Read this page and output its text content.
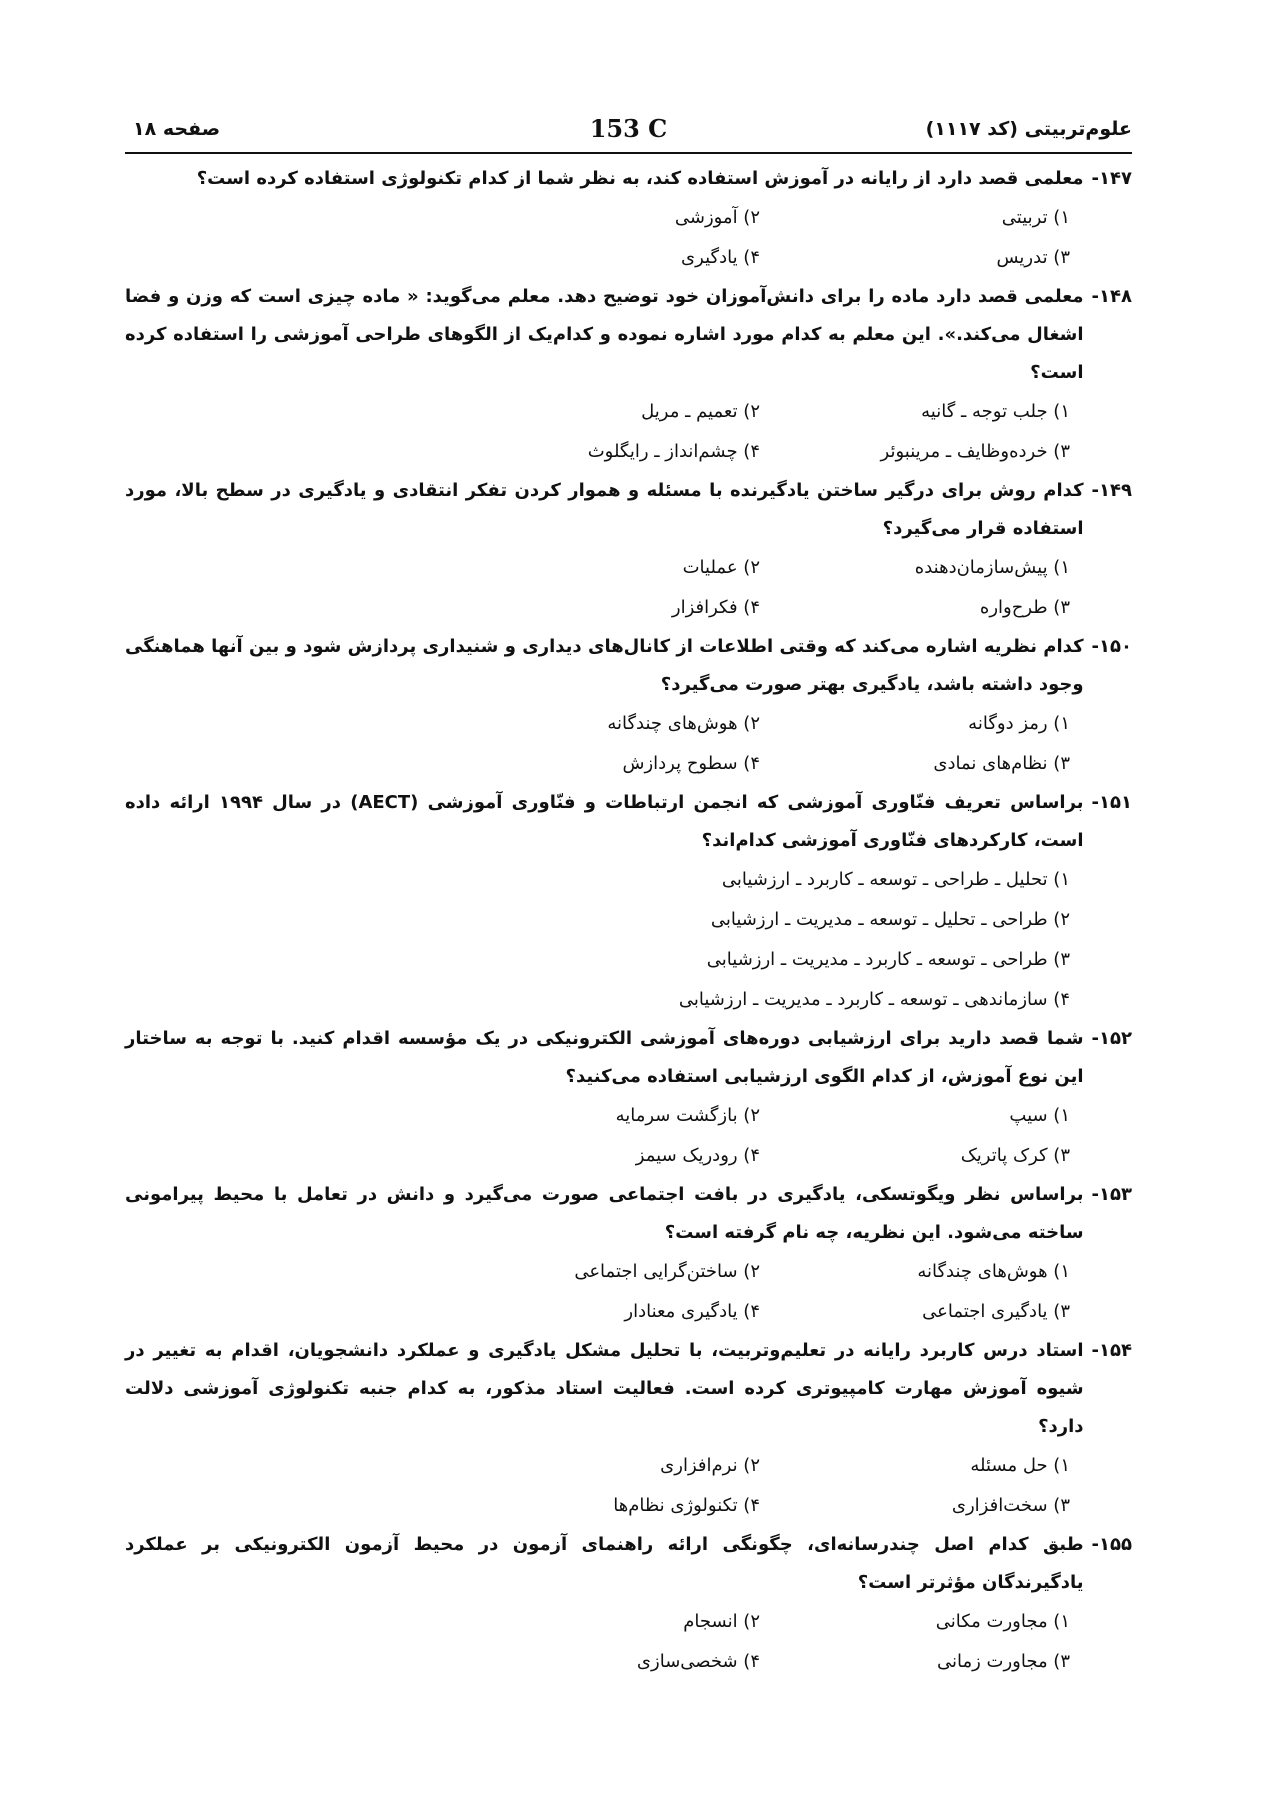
علوم‌تربیتی (کد ۱۱۱۷)
153 C
صفحه ۱۸
۱۴۷-
معلمی قصد دارد از رایانه در آموزش استفاده کند، به نظر شما از کدام تکنولوژی استفاده کرده است؟
۱) تربیتی
۲) آموزشی
۳) تدریس
۴) یادگیری
۱۴۸-
معلمی قصد دارد ماده را برای دانش‌آموزان خود توضیح دهد. معلم می‌گوید: « ماده چیزی است که وزن و فضا اشغال می‌کند.». این معلم به کدام مورد اشاره نموده و کدام‌یک از الگوهای طراحی آموزشی را استفاده کرده است؟
۱) جلب توجه ـ گانیه
۲) تعمیم ـ مریل
۳) خرده‌وظایف ـ مرینبوئر
۴) چشم‌انداز ـ رایگلوث
۱۴۹-
کدام روش برای درگیر ساختن یادگیرنده با مسئله و هموار کردن تفکر انتقادی و یادگیری در سطح بالا، مورد استفاده قرار می‌گیرد؟
۱) پیش‌سازمان‌دهنده
۲) عملیات
۳) طرح‌واره
۴) فکرافزار
۱۵۰-
کدام نظریه اشاره می‌کند که وقتی اطلاعات از کانال‌های دیداری و شنیداری پردازش شود و بین آنها هماهنگی وجود داشته باشد، یادگیری بهتر صورت می‌گیرد؟
۱) رمز دوگانه
۲) هوش‌های چندگانه
۳) نظام‌های نمادی
۴) سطوح پردازش
۱۵۱-
براساس تعریف فنّاوری آموزشی که انجمن ارتباطات و فنّاوری آموزشی (AECT) در سال ۱۹۹۴ ارائه داده است، کارکردهای فنّاوری آموزشی کدام‌اند؟
۱) تحلیل ـ طراحی ـ توسعه ـ کاربرد ـ ارزشیابی
۲) طراحی ـ تحلیل ـ توسعه ـ مدیریت ـ ارزشیابی
۳) طراحی ـ توسعه ـ کاربرد ـ مدیریت ـ ارزشیابی
۴) سازماندهی ـ توسعه ـ کاربرد ـ مدیریت ـ ارزشیابی
۱۵۲-
شما قصد دارید برای ارزشیابی دوره‌های آموزشی الکترونیکی در یک مؤسسه اقدام کنید. با توجه به ساختار این نوع آموزش، از کدام الگوی ارزشیابی استفاده می‌کنید؟
۱) سیپ
۲) بازگشت سرمایه
۳) کرک پاتریک
۴) رودریک سیمز
۱۵۳-
براساس نظر ویگوتسکی، یادگیری در بافت اجتماعی صورت می‌گیرد و دانش در تعامل با محیط پیرامونی ساخته می‌شود. این نظریه، چه نام گرفته است؟
۱) هوش‌های چندگانه
۲) ساختن‌گرایی اجتماعی
۳) یادگیری اجتماعی
۴) یادگیری معنادار
۱۵۴-
استاد درس کاربرد رایانه در تعلیم‌وتربیت، با تحلیل مشکل یادگیری و عملکرد دانشجویان، اقدام به تغییر در شیوه آموزش مهارت کامپیوتری کرده است. فعالیت استاد مذکور، به کدام جنبه تکنولوژی آموزشی دلالت دارد؟
۱) حل مسئله
۲) نرم‌افزاری
۳) سخت‌افزاری
۴) تکنولوژی نظام‌ها
۱۵۵-
طبق کدام اصل چندرسانه‌ای، چگونگی ارائه راهنمای آزمون در محیط آزمون الکترونیکی بر عملکرد یادگیرندگان مؤثرتر است؟
۱) مجاورت مکانی
۲) انسجام
۳) مجاورت زمانی
۴) شخصی‌سازی
